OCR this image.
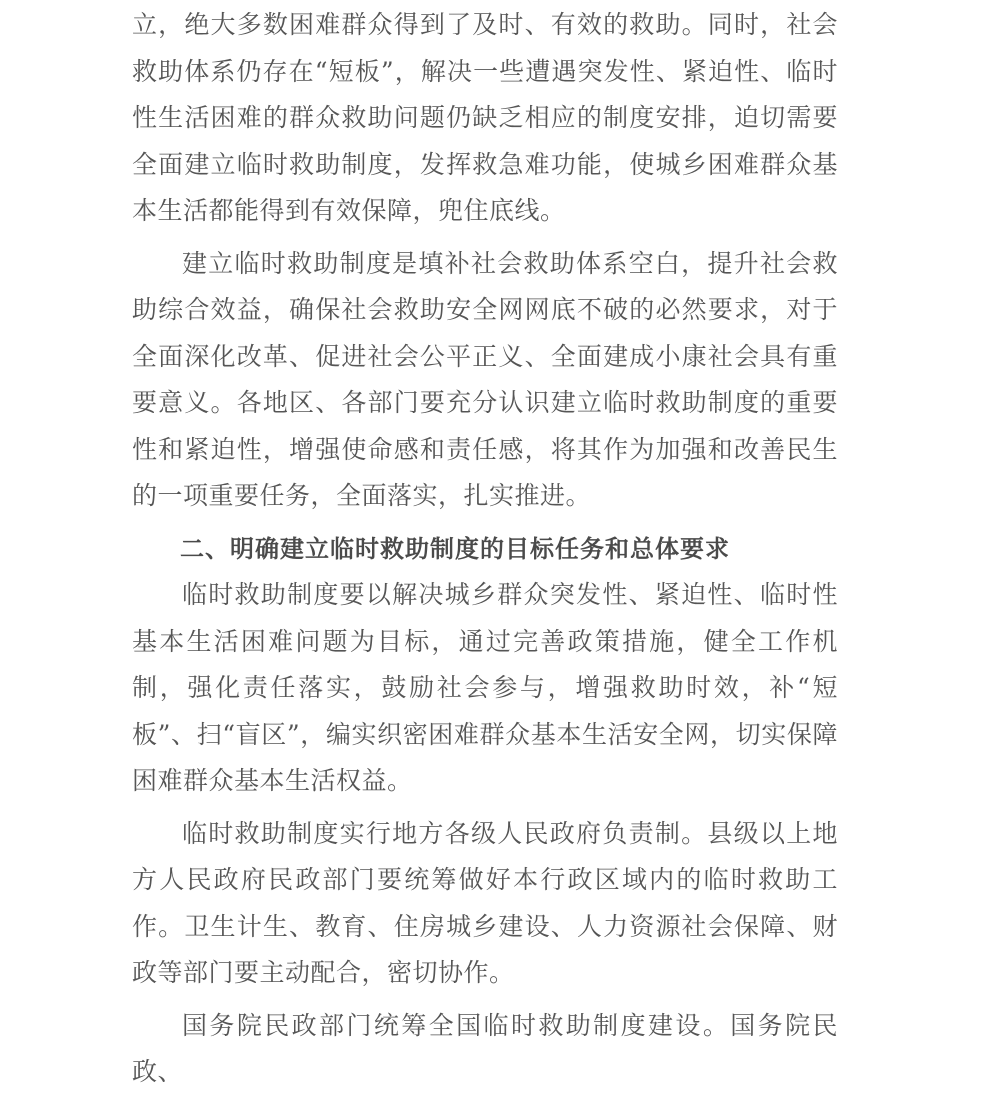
立，绝大多数困难群众得到了及时、有效的救助。同时，社会救助体系仍存在“短板”，解决一些遭遇突发性、紧迫性、临时性生活困难的群众救助问题仍缺乏相应的制度安排，迫切需要全面建立临时救助制度，发挥救急难功能，使城乡困难群众基本生活都能得到有效保障，兜住底线。

建立临时救助制度是填补社会救助体系空白，提升社会救助综合效益，确保社会救助安全网网底不破的必然要求，对于全面深化改革、促进社会公平正义、全面建成小康社会具有重要意义。各地区、各部门要充分认识建立临时救助制度的重要性和紧迫性，增强使命感和责任感，将其作为加强和改善民生的一项重要任务，全面落实，扎实推进。

二、明确建立临时救助制度的目标任务和总体要求

临时救助制度要以解决城乡群众突发性、紧迫性、临时性基本生活困难问题为目标，通过完善政策措施，健全工作机制，强化责任落实，鼓励社会参与，增强救助时效，补“短板”、扫“盲区”，编实织密困难群众基本生活安全网，切实保障困难群众基本生活权益。

临时救助制度实行地方各级人民政府负责制。县级以上地方人民政府民政部门要统筹做好本行政区域内的临时救助工作。卫生计生、教育、住房城乡建设、人力资源社会保障、财政等部门要主动配合，密切协作。

国务院民政部门统筹全国临时救助制度建设。国务院民政、
